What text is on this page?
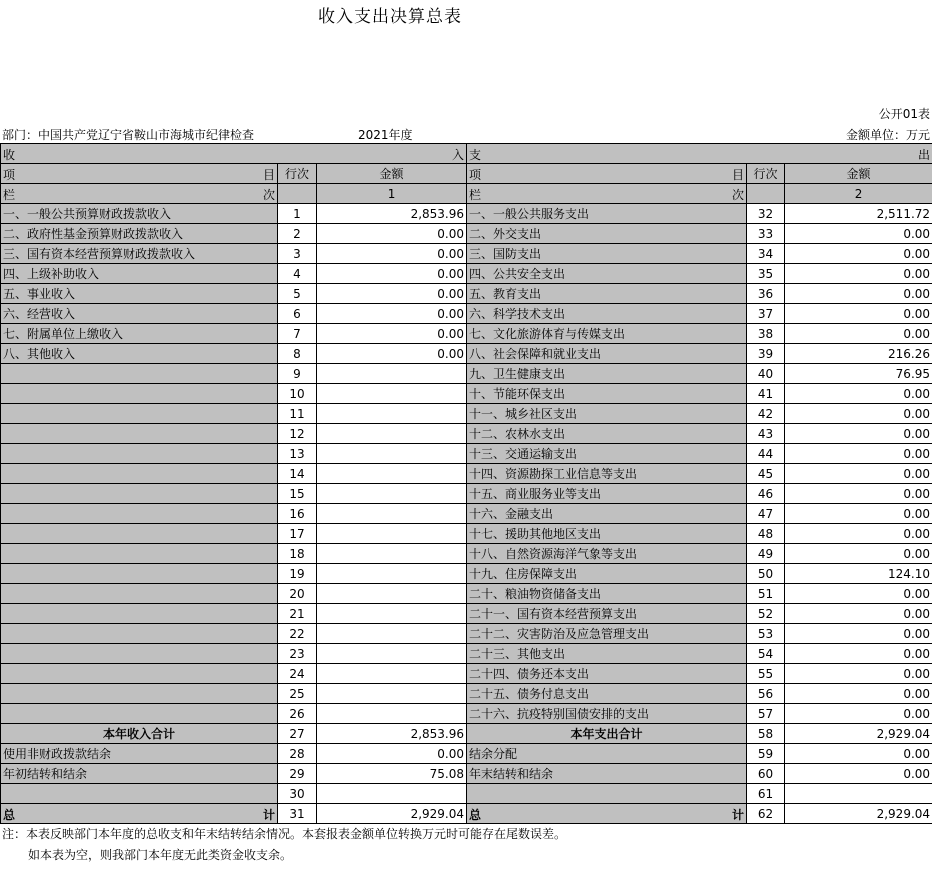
收入支出决算总表
公开01表
部门：中国共产党辽宁省鞍山市海城市纪律检查	2021年度	金额单位：万元
收 入			支 出		

项 目	行次	金额	项 目	行次	金额

栏 次		1	栏 次		2
一、一般公共预算财政拨款收入	1	2,853.96	一、一般公共服务支出	32	2,511.72
二、政府性基金预算财政拨款收入	2	0.00	二、外交支出	33	0.00
三、国有资本经营预算财政拨款收入	3	0.00	三、国防支出	34	0.00
四、上级补助收入	4	0.00	四、公共安全支出	35	0.00
五、事业收入	5	0.00	五、教育支出	36	0.00
六、经营收入	6	0.00	六、科学技术支出	37	0.00
七、附属单位上缴收入	7	0.00	七、文化旅游体育与传媒支出	38	0.00
八、其他收入	8	0.00	八、社会保障和就业支出	39	216.26
	9		九、卫生健康支出	40	76.95
	10		十、节能环保支出	41	0.00
	11		十一、城乡社区支出	42	0.00
	12		十二、农林水支出	43	0.00
	13		十三、交通运输支出	44	0.00
	14		十四、资源勘探工业信息等支出	45	0.00
	15		十五、商业服务业等支出	46	0.00
	16		十六、金融支出	47	0.00
	17		十七、援助其他地区支出	48	0.00
	18		十八、自然资源海洋气象等支出	49	0.00
	19		十九、住房保障支出	50	124.10
	20		二十、粮油物资储备支出	51	0.00
	21		二十一、国有资本经营预算支出	52	0.00
	22		二十二、灾害防治及应急管理支出	53	0.00
	23		二十三、其他支出	54	0.00
	24		二十四、债务还本支出	55	0.00
	25		二十五、债务付息支出	56	0.00
	26		二十六、抗疫特别国债安排的支出	57	0.00
本年收入合计	27	2,853.96	本年支出合计	58	2,929.04
使用非财政拨款结余	28	0.00	结余分配	59	0.00
年初结转和结余	29	75.08	年末结转和结余	60	0.00
	30			61	

总 计	31	2,929.04	总 计	62	2,929.04
注：本表反映部门本年度的总收支和年末结转结余情况。本套报表金额单位转换万元时可能存在尾数误差。
如本表为空，则我部门本年度无此类资金收支余。
